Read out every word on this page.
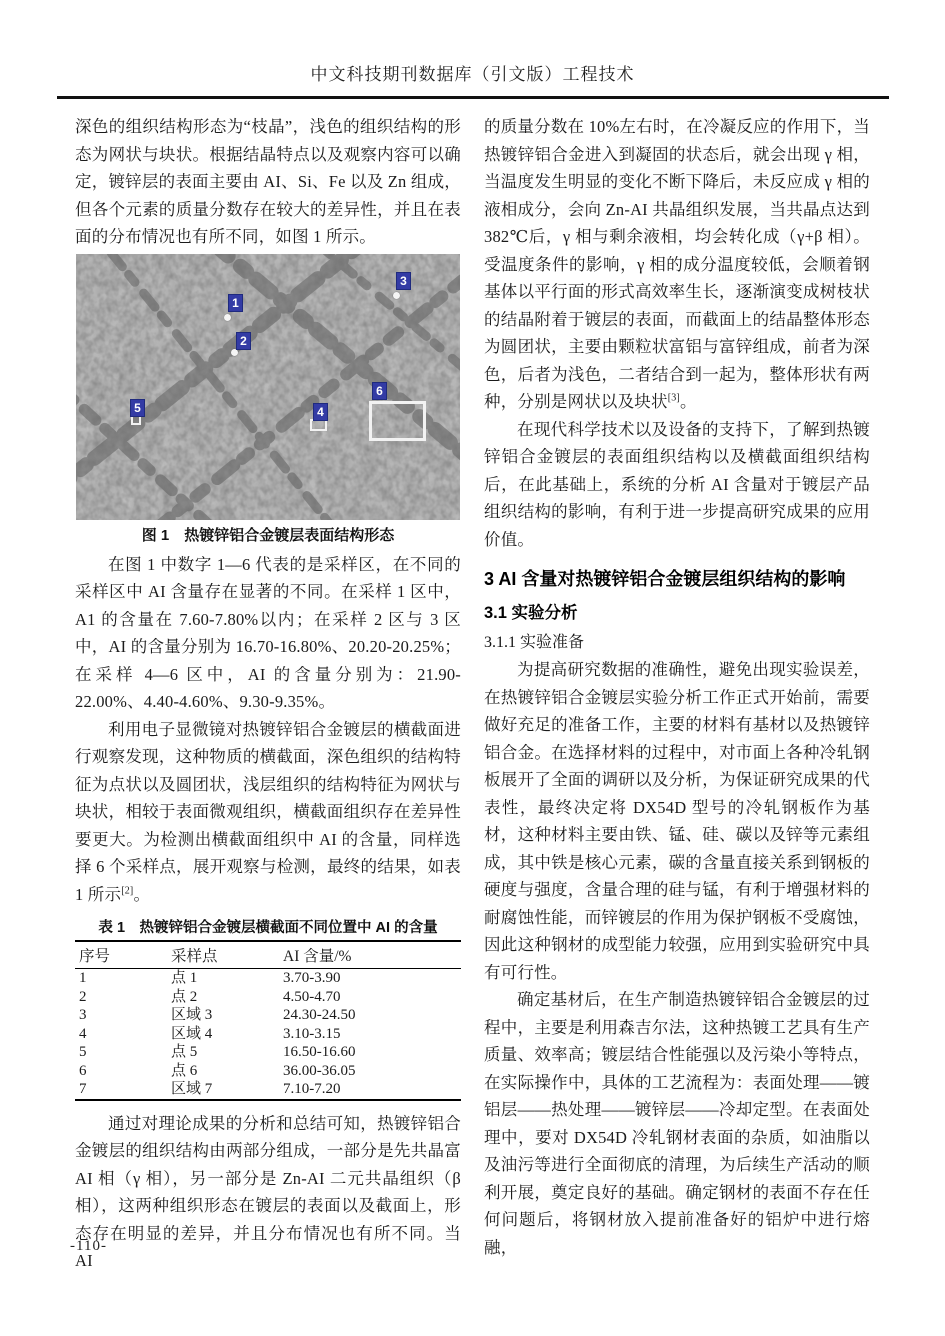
中文科技期刊数据库（引文版）工程技术

深色的组织结构形态为“枝晶”，浅色的组织结构的形态为网状与块状。根据结晶特点以及观察内容可以确定，镀锌层的表面主要由 AI、Si、Fe 以及 Zn 组成，但各个元素的质量分数存在较大的差异性，并且在表面的分布情况也有所不同，如图 1 所示。

1
2
3
4
5
6
图 1　热镀锌铝合金镀层表面结构形态

在图 1 中数字 1—6 代表的是采样区，在不同的采样区中 AI 含量存在显著的不同。在采样 1 区中，A1 的含量在 7.60-7.80%以内；在采样 2 区与 3 区中，AI 的含量分别为 16.70-16.80%、20.20-20.25%；在采样 4—6 区中，AI 的含量分别为：21.90-22.00%、4.40-4.60%、9.30-9.35%。

利用电子显微镜对热镀锌铝合金镀层的横截面进行观察发现，这种物质的横截面，深色组织的结构特征为点状以及圆团状，浅层组织的结构特征为网状与块状，相较于表面微观组织，横截面组织存在差异性要更大。为检测出横截面组织中 AI 的含量，同样选择 6 个采样点，展开观察与检测，最终的结果，如表 1 所示[2]。

表 1　热镀锌铝合金镀层横截面不同位置中 AI 的含量
序号	采样点	AI 含量/%
1	点 1	3.70-3.90
2	点 2	4.50-4.70
3	区域 3	24.30-24.50
4	区域 4	3.10-3.15
5	点 5	16.50-16.60
6	点 6	36.00-36.05
7	区域 7	7.10-7.20

通过对理论成果的分析和总结可知，热镀锌铝合金镀层的组织结构由两部分组成，一部分是先共晶富 AI 相（γ 相），另一部分是 Zn-AI 二元共晶组织（β 相），这两种组织形态在镀层的表面以及截面上，形态存在明显的差异，并且分布情况也有所不同。当 AI

的质量分数在 10%左右时，在冷凝反应的作用下，当热镀锌铝合金进入到凝固的状态后，就会出现 γ 相，当温度发生明显的变化不断下降后，未反应成 γ 相的液相成分，会向 Zn-AI 共晶组织发展，当共晶点达到 382℃后，γ 相与剩余液相，均会转化成（γ+β 相）。受温度条件的影响，γ 相的成分温度较低，会顺着钢基体以平行面的形式高效率生长，逐渐演变成树枝状的结晶附着于镀层的表面，而截面上的结晶整体形态为圆团状，主要由颗粒状富铝与富锌组成，前者为深色，后者为浅色，二者结合到一起为，整体形状有两种，分别是网状以及块状[3]。

在现代科学技术以及设备的支持下，了解到热镀锌铝合金镀层的表面组织结构以及横截面组织结构后，在此基础上，系统的分析 AI 含量对于镀层产品组织结构的影响，有利于进一步提高研究成果的应用价值。

3 AI 含量对热镀锌铝合金镀层组织结构的影响
3.1 实验分析
3.1.1 实验准备

为提高研究数据的准确性，避免出现实验误差，在热镀锌铝合金镀层实验分析工作正式开始前，需要做好充足的准备工作，主要的材料有基材以及热镀锌铝合金。在选择材料的过程中，对市面上各种冷轧钢板展开了全面的调研以及分析，为保证研究成果的代表性，最终决定将 DX54D 型号的冷轧钢板作为基材，这种材料主要由铁、锰、硅、碳以及锌等元素组成，其中铁是核心元素，碳的含量直接关系到钢板的硬度与强度，含量合理的硅与锰，有利于增强材料的耐腐蚀性能，而锌镀层的作用为保护钢板不受腐蚀，因此这种钢材的成型能力较强，应用到实验研究中具有可行性。

确定基材后，在生产制造热镀锌铝合金镀层的过程中，主要是利用森吉尔法，这种热镀工艺具有生产质量、效率高；镀层结合性能强以及污染小等特点，在实际操作中，具体的工艺流程为：表面处理——镀铝层——热处理——镀锌层——冷却定型。在表面处理中，要对 DX54D 冷轧钢材表面的杂质，如油脂以及油污等进行全面彻底的清理，为后续生产活动的顺利开展，奠定良好的基础。确定钢材的表面不存在任何问题后，将钢材放入提前准备好的铝炉中进行熔融，

-110-
